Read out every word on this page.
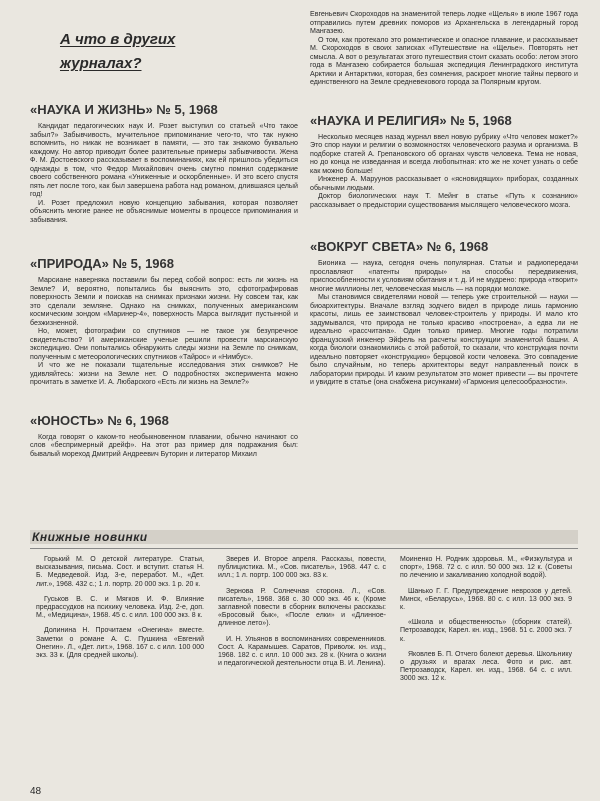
А что в других
журналах?
«НАУКА И ЖИЗНЬ» № 5, 1968

Кандидат педагогических наук И. Розет выступил со статьей «Что такое забыл?» Забывчивость, мучительное припоминание чего-то, что так нужно вспомнить, но никак не возникает в памяти, — это так знакомо буквально каждому. Но автор приводит более разительные примеры забывчивости. Жена Ф. М. Достоевского рассказывает в воспоминаниях, как ей пришлось убедиться однажды в том, что Федор Михайлович очень смутно помнил содержание своего собственного романа «Униженные и оскорбленные». И это всего спустя пять лет после того, как был завершена работа над романом, длившаяся целый год!

И. Розет предложил новую концепцию забывания, которая позволяет объяснить многие ранее не объяснимые моменты в процессе припоминания и забывания.

«ПРИРОДА» № 5, 1968

Марсиане наверняка поставили бы перед собой вопрос: есть ли жизнь на Земле? И, вероятно, попытались бы выяснить это, сфотографировав поверхность Земли и поискав на снимках признаки жизни. Ну совсем так, как это сделали земляне. Однако на снимках, полученных американским космическим зондом «Маринер-4», поверхность Марса выглядит пустынной и безжизненной.

Но, может, фотографии со спутников — не такое уж безупречное свидетельство? И американские ученые решили провести марсианскую экспедицию. Они попытались обнаружить следы жизни на Земле по снимкам, полученным с метеорологических спутников «Тайрос» и «Нимбус».

И что же не показали тщательные исследования этих снимков? Не удивляйтесь: жизни на Земле нет. О подробностях эксперимента можно прочитать в заметке И. А. Любарского «Есть ли жизнь на Земле?»

«ЮНОСТЬ» № 6, 1968

Когда говорят о каком-то необыкновенном плавании, обычно начинают со слов «беспримерный дрейф». На этот раз пример для подражания был: бывалый мореход Дмитрий Андреевич Буторин и литератор Михаил

Евгеньевич Скороходов на знаменитой теперь лодке «Щелья» в июле 1967 года отправились путем древних поморов из Архангельска в легендарный город Мангазею.

О том, как протекало это романтическое и опасное плавание, и рассказывает М. Скороходов в своих записках «Путешествие на «Щелье». Повторять нет смысла. А вот о результатах этого путешествия стоит сказать особо: летом этого года в Мангазею собирается большая экспедиция Ленинградского института Арктики и Антарктики, которая, без сомнения, раскроет многие тайны первого и единственного на Земле средневекового города за Полярным кругом.

«НАУКА И РЕЛИГИЯ» № 5, 1968

Несколько месяцев назад журнал ввел новую рубрику «Что человек может?» Это спор науки и религии о возможностях человеческого разума и организма. В подборке статей А. Грепановского об органах чувств человека. Тема не новая, но до конца не изведанная и всегда любопытная: кто же не хочет узнать о себе как можно больше!

Инженер А. Маруунов рассказывает о «ясновидящих» приборах, созданных обычными людьми.

Доктор биологических наук Т. Мейнг в статье «Путь к сознанию» рассказывает о предыстории существования мыслящего человеческого мозга.

«ВОКРУГ СВЕТА» № 6, 1968

Бионика — наука, сегодня очень популярная. Статьи и радиопередачи прославляют «патенты природы» на способы передвижения, приспособленности к условиям обитания и т. д. И не мудрено: природа «творит» многие миллионы лет, человеческая мысль — на порядки моложе.

Мы становимся свидетелями новой — теперь уже строительной — науки — биоархитектуры. Вначале взгляд зодчего видел в природе лишь гармонию красоты, лишь ее заимствовал человек-строитель у природы. И мало кто задумывался, что природа не только красиво «построена», а едва ли не идеально «рассчитана». Один только пример. Многие годы потратили французский инженер Эйфель на расчеты конструкции знаменитой башни. А когда биологи ознакомились с этой работой, то сказали, что конструкция почти идеально повторяет «конструкцию» берцовой кости человека. Это совпадение было случайным, но теперь архитекторы ведут направленный поиск в лаборатории природы. И каким результатом это может привести — вы прочтете и увидите в статье (она снабжена рисунками) «Гармония целесообразности».

Книжные новинки

Горький М. О детской литературе. Статьи, высказывания, письма. Сост. и вступит. статья Н. Б. Медведевой. Изд. 3-е, переработ. М., «Дет. лит.», 1968. 432 с.; 1 л. портр. 20 000 экз. 1 р. 20 к.

Гуськов В. С. и Мягков И. Ф. Влияние предрассудков на психику человека. Изд. 2-е, доп. М., «Медицина», 1968. 45 с. с илл. 100 000 экз. 8 к.

Долинина Н. Прочитаем «Онегина» вместе. Заметки о романе А. С. Пушкина «Евгений Онегин». Л., «Дет. лит.», 1968. 167 с. с илл. 100 000 экз. 33 к. (Для средней школы).

Зверев И. Второе апреля. Рассказы, повести, публицистика. М., «Сов. писатель», 1968. 447 с. с илл.; 1 л. портр. 100 000 экз. 83 к.

Зернова Р. Солнечная сторона. Л., «Сов. писатель», 1968. 368 с. 30 000 экз. 46 к. (Кроме заглавной повести в сборник включены рассказы: «Бросовый бык», «После елки» и «Длинное-длинное лето»).

И. Н. Ульянов в воспоминаниях современников. Сост. А. Карамышев. Саратов, Приволж. кн. изд., 1968. 182 с. с илл. 10 000 экз. 28 к. (Книга о жизни и педагогической деятельности отца В. И. Ленина).

Моиненко Н. Родник здоровья. М., «Физкультура и спорт», 1968. 72 с. с илл. 50 000 экз. 12 к. (Советы по лечению и закаливанию холодной водой).

Шанько Г. Г. Предупреждение неврозов у детей. Минск, «Беларусь», 1968. 80 с. с илл. 13 000 экз. 9 к.

«Школа и общественность» (сборник статей). Петрозаводск, Карел. кн. изд., 1968. 51 с. 2000 экз. 7 к.

Яковлев Б. П. Отчего болеют деревья. Школьнику о друзьях и врагах леса. Фото и рис. авт. Петрозаводск, Карел. кн. изд., 1968. 64 с. с илл. 3000 экз. 12 к.

48
